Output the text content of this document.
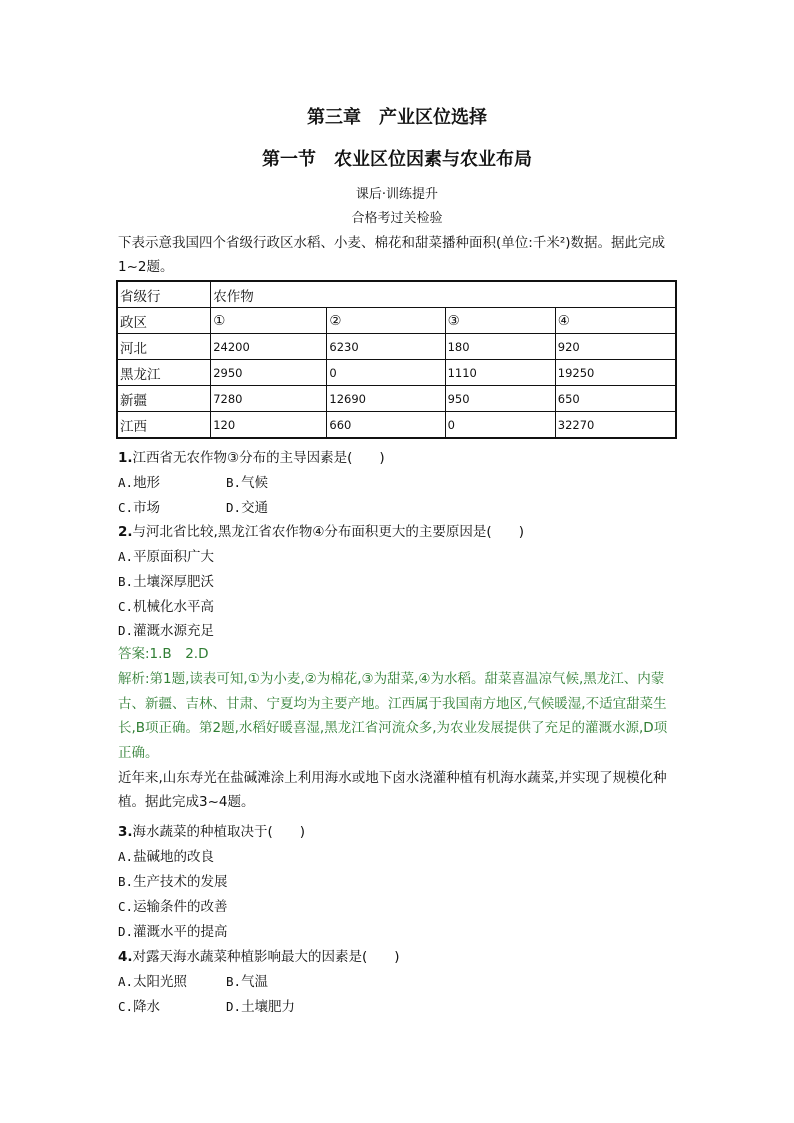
第三章　产业区位选择
第一节　农业区位因素与农业布局
课后·训练提升
合格考过关检验
下表示意我国四个省级行政区水稻、小麦、棉花和甜菜播种面积(单位:千米²)数据。据此完成1~2题。
省级行	农作物			
政区	①	②	③	④
河北	24200	6230	180	920
黑龙江	2950	0	1110	19250
新疆	7280	12690	950	650
江西	120	660	0	32270
1.江西省无农作物③分布的主导因素是(　　)
A.地形	B.气候
C.市场	D.交通
2.与河北省比较,黑龙江省农作物④分布面积更大的主要原因是(　　)
A.平原面积广大
B.土壤深厚肥沃
C.机械化水平高
D.灌溉水源充足
答案:1.B　2.D
解析:第1题,读表可知,①为小麦,②为棉花,③为甜菜,④为水稻。甜菜喜温凉气候,黑龙江、内蒙古、新疆、吉林、甘肃、宁夏均为主要产地。江西属于我国南方地区,气候暖湿,不适宜甜菜生长,B项正确。第2题,水稻好暖喜湿,黑龙江省河流众多,为农业发展提供了充足的灌溉水源,D项正确。
近年来,山东寿光在盐碱滩涂上利用海水或地下卤水浇灌种植有机海水蔬菜,并实现了规模化种植。据此完成3~4题。
3.海水蔬菜的种植取决于(　　)
A.盐碱地的改良
B.生产技术的发展
C.运输条件的改善
D.灌溉水平的提高
4.对露天海水蔬菜种植影响最大的因素是(　　)
A.太阳光照	B.气温
C.降水	D.土壤肥力
